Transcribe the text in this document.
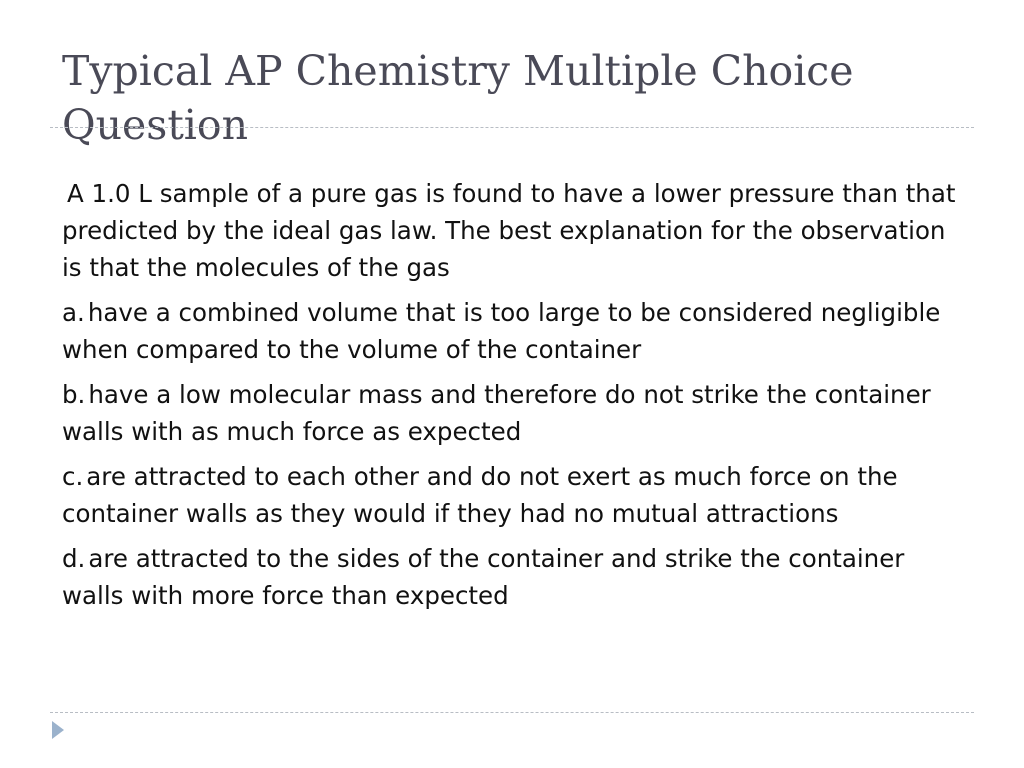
Typical AP Chemistry Multiple Choice Question

A 1.0 L sample of a pure gas is found to have a lower pressure than that predicted by the ideal gas law. The best explanation for the observation is that the molecules of the gas

a. have a combined volume that is too large to be considered negligible when compared to the volume of the container

b. have a low molecular mass and therefore do not strike the container walls with as much force as expected

c. are attracted to each other and do not exert as much force on the container walls as they would if they had no mutual attractions

d. are attracted to the sides of the container and strike the container walls with more force than expected
